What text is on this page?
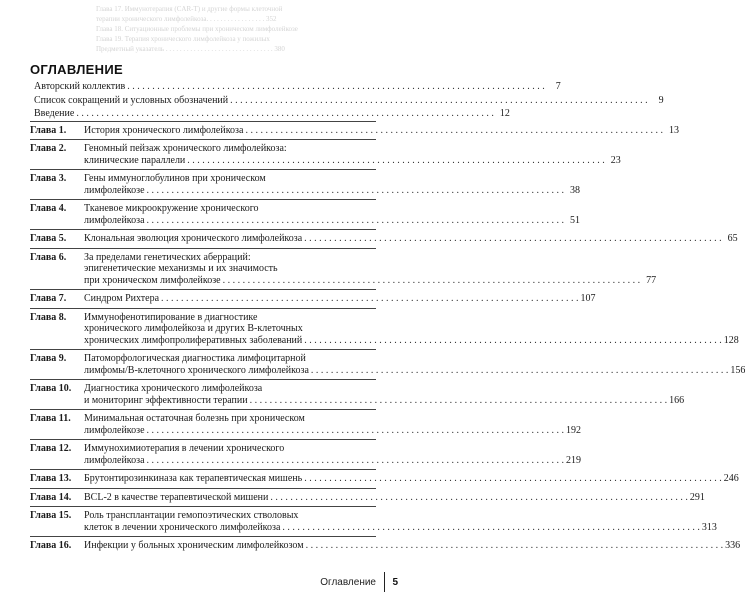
Глава 17. Иммунотерапия (CAR-T) и другие формы клеточной
терапии хронического лимфолейкоза. . . . . . . . . . . . . . . . . 352
Глава 18. Ситуационные проблемы при хроническом лимфолейкозе
Глава 19. Терапия хронического лимфолейкоза у пожилых
Предметный указатель . . . . . . . . . . . . . . . . . . . . . . . . . . . . . . . 380
ОГЛАВЛЕНИЕ
Авторский коллектив . . .	7
Список сокращений и условных обозначений . . .	9
Введение . . .	12
Глава 1.	История хронического лимфолейкоза . . .	13
Глава 2.	Геномный пейзаж хронического лимфолейкоза:
клинические параллели . . .	23
Глава 3.	Гены иммуноглобулинов при хроническом
лимфолейкозе . . .	38
Глава 4.	Тканевое микроокружение хронического
лимфолейкоза . . .	51
Глава 5.	Клональная эволюция хронического лимфолейкоза . . .	65
Глава 6.	За пределами генетических аберраций:
эпигенетические механизмы и их значимость
при хроническом лимфолейкозе . . .	77
Глава 7.	Синдром Рихтера . . .	107
Глава 8.	Иммунофенотипирование в диагностике
хронического лимфолейкоза и других В-клеточных
хронических лимфопролиферативных заболеваний . . .	128
Глава 9.	Патоморфологическая диагностика лимфоцитарной
лимфомы/В-клеточного хронического лимфолейкоза . . .	156
Глава 10.	Диагностика хронического лимфолейкоза
и мониторинг эффективности терапии . . .	166
Глава 11.	Минимальная остаточная болезнь при хроническом
лимфолейкозе . . .	192
Глава 12.	Иммунохимиотерапия в лечении хронического
лимфолейкоза . . .	219
Глава 13.	Брутонтирозинкиназа как терапевтическая мишень . . .	246
Глава 14.	BCL-2 в качестве терапевтической мишени . . .	291
Глава 15.	Роль трансплантации гемопоэтических стволовых
клеток в лечении хронического лимфолейкоза . . .	313
Глава 16.	Инфекции у больных хроническим лимфолейкозом . . .	336
Оглавление 5
